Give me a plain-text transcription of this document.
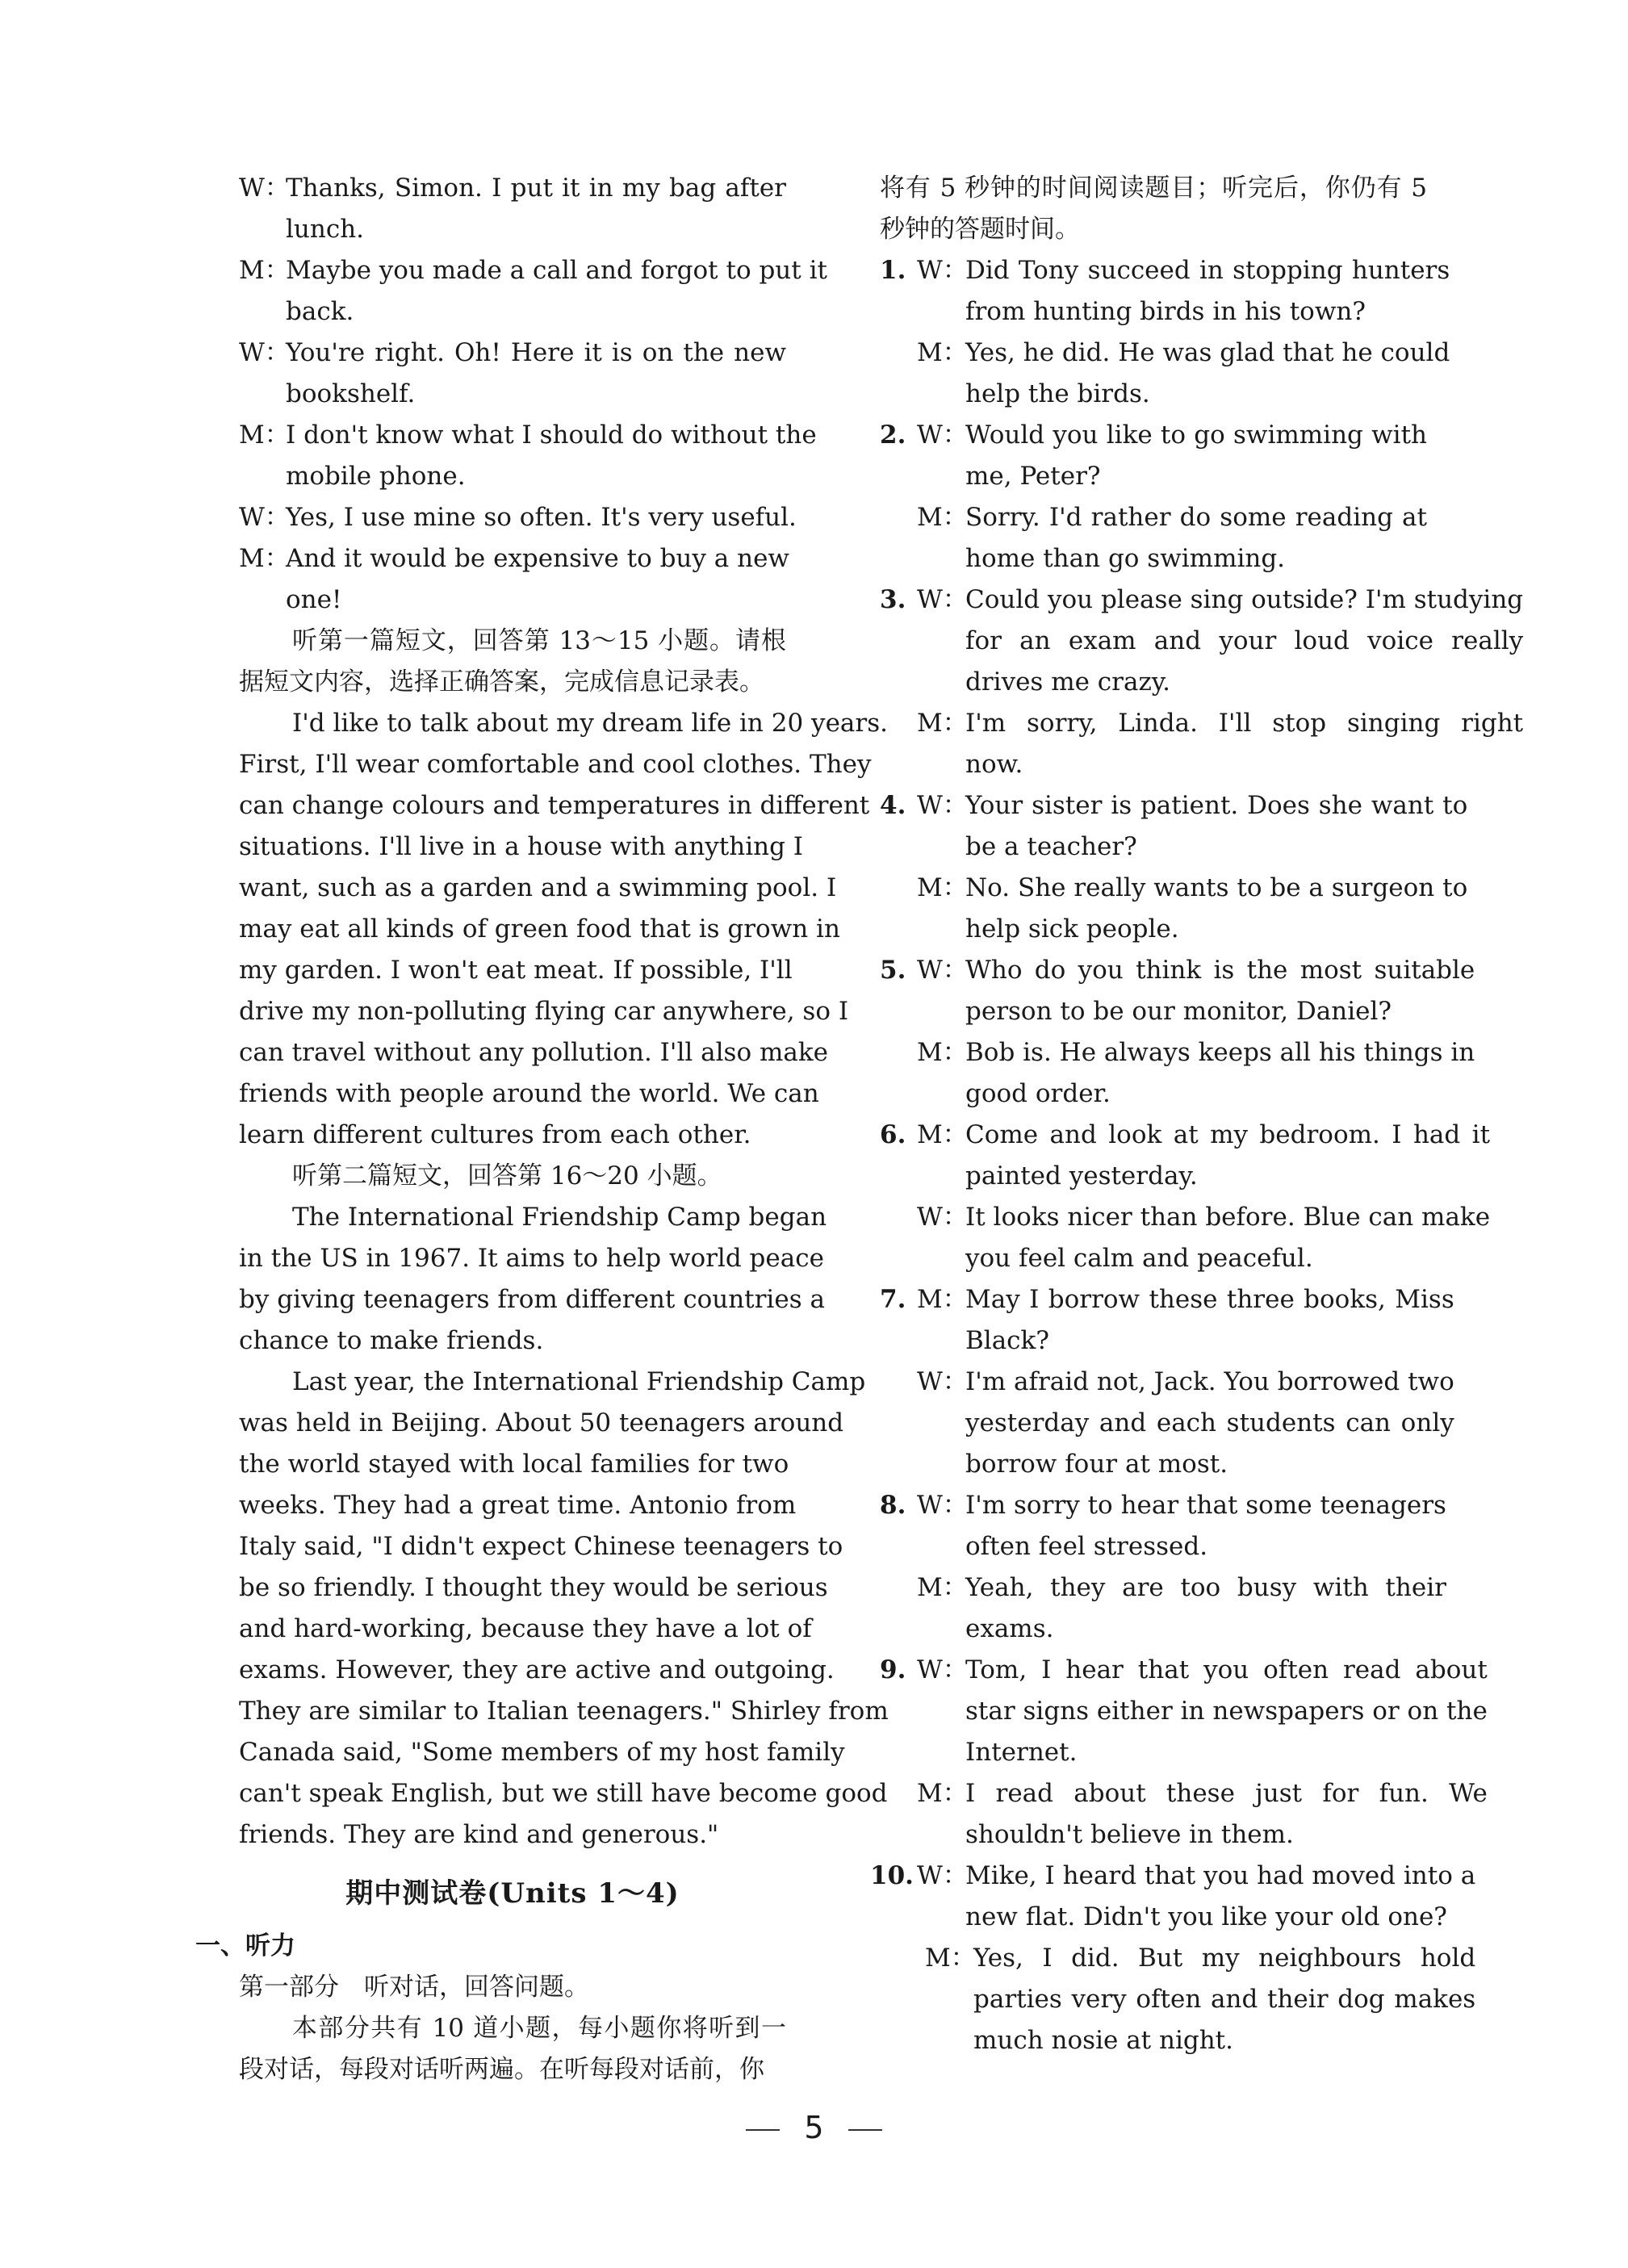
W：
Thanks, Simon. I put it in my bag after
lunch.
M：
Maybe you made a call and forgot to put it
back.
W：
You're right. Oh! Here it is on the new
bookshelf.
M：
I don't know what I should do without the
mobile phone.
W：
Yes, I use mine so often. It's very useful.
M：
And it would be expensive to buy a new
one!
听第一篇短文，回答第 13～15 小题。请根
据短文内容，选择正确答案，完成信息记录表。
I'd like to talk about my dream life in 20 years.
First, I'll wear comfortable and cool clothes. They
can change colours and temperatures in different
situations. I'll live in a house with anything I
want, such as a garden and a swimming pool. I
may eat all kinds of green food that is grown in
my garden. I won't eat meat. If possible, I'll
drive my non-polluting flying car anywhere, so I
can travel without any pollution. I'll also make
friends with people around the world. We can
learn different cultures from each other.
听第二篇短文，回答第 16～20 小题。
The International Friendship Camp began
in the US in 1967. It aims to help world peace
by giving teenagers from different countries a
chance to make friends.
Last year, the International Friendship Camp
was held in Beijing. About 50 teenagers around
the world stayed with local families for two
weeks. They had a great time. Antonio from
Italy said, "I didn't expect Chinese teenagers to
be so friendly. I thought they would be serious
and hard-working, because they have a lot of
exams. However, they are active and outgoing.
They are similar to Italian teenagers." Shirley from
Canada said, "Some members of my host family
can't speak English, but we still have become good
friends. They are kind and generous."
期中测试卷(Units 1～4)
一、听力
第一部分　听对话，回答问题。
本部分共有 10 道小题，每小题你将听到一
段对话，每段对话听两遍。在听每段对话前，你
将有 5 秒钟的时间阅读题目；听完后，你仍有 5
秒钟的答题时间。
1. W：
Did Tony succeed in stopping hunters
from hunting birds in his town?
M：
Yes, he did. He was glad that he could
help the birds.
2. W：
Would you like to go swimming with
me, Peter?
M：
Sorry. I'd rather do some reading at
home than go swimming.
3. W：
Could you please sing outside? I'm studying
for an exam and your loud voice really
drives me crazy.
M：
I'm sorry, Linda. I'll stop singing right
now.
4. W：
Your sister is patient. Does she want to
be a teacher?
M：
No. She really wants to be a surgeon to
help sick people.
5. W：
Who do you think is the most suitable
person to be our monitor, Daniel?
M：
Bob is. He always keeps all his things in
good order.
6. M：
Come and look at my bedroom. I had it
painted yesterday.
W：
It looks nicer than before. Blue can make
you feel calm and peaceful.
7. M：
May I borrow these three books, Miss
Black?
W：
I'm afraid not, Jack. You borrowed two
yesterday and each students can only
borrow four at most.
8. W：
I'm sorry to hear that some teenagers
often feel stressed.
M：
Yeah, they are too busy with their
exams.
9. W：
Tom, I hear that you often read about
star signs either in newspapers or on the
Internet.
M：
I read about these just for fun. We
shouldn't believe in them.
10. W：
Mike, I heard that you had moved into a
new flat. Didn't you like your old one?
M：
Yes, I did. But my neighbours hold
parties very often and their dog makes
much nosie at night.
5
